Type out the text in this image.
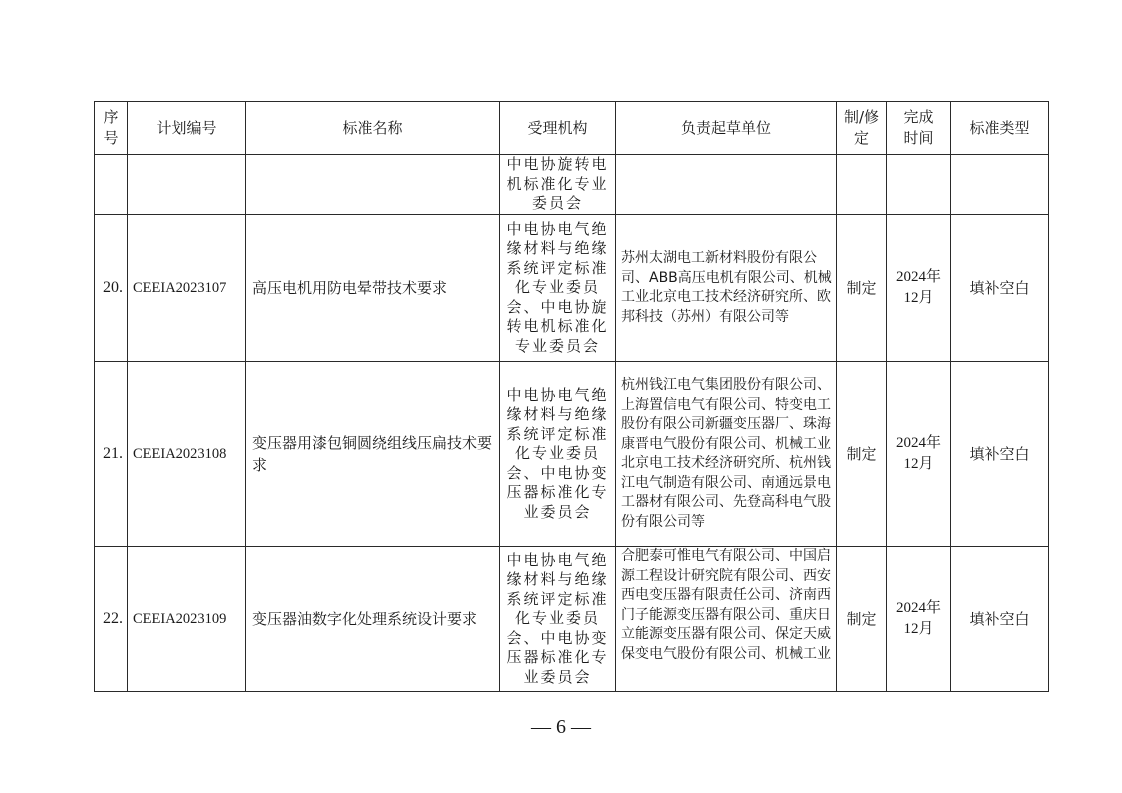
序号	计划编号	标准名称	受理机构	负责起草单位	制/修定	完成时间	标准类型
			中电协旋转电机标准化专业委员会				
20.	CEEIA2023107	高压电机用防电晕带技术要求	中电协电气绝缘材料与绝缘系统评定标准化专业委员会、中电协旋转电机标准化专业委员会	苏州太湖电工新材料股份有限公司、ABB高压电机有限公司、机械工业北京电工技术经济研究所、欧邦科技（苏州）有限公司等	制定	2024年12月	填补空白
21.	CEEIA2023108	变压器用漆包铜圆绕组线压扁技术要求	中电协电气绝缘材料与绝缘系统评定标准化专业委员会、中电协变压器标准化专业委员会	杭州钱江电气集团股份有限公司、上海置信电气有限公司、特变电工股份有限公司新疆变压器厂、珠海康晋电气股份有限公司、机械工业北京电工技术经济研究所、杭州钱江电气制造有限公司、南通远景电工器材有限公司、先登高科电气股份有限公司等	制定	2024年12月	填补空白
22.	CEEIA2023109	变压器油数字化处理系统设计要求	中电协电气绝缘材料与绝缘系统评定标准化专业委员会、中电协变压器标准化专业委员会	合肥泰可惟电气有限公司、中国启源工程设计研究院有限公司、西安西电变压器有限责任公司、济南西门子能源变压器有限公司、重庆日立能源变压器有限公司、保定天威保变电气股份有限公司、机械工业	制定	2024年12月	填补空白
— 6 —
